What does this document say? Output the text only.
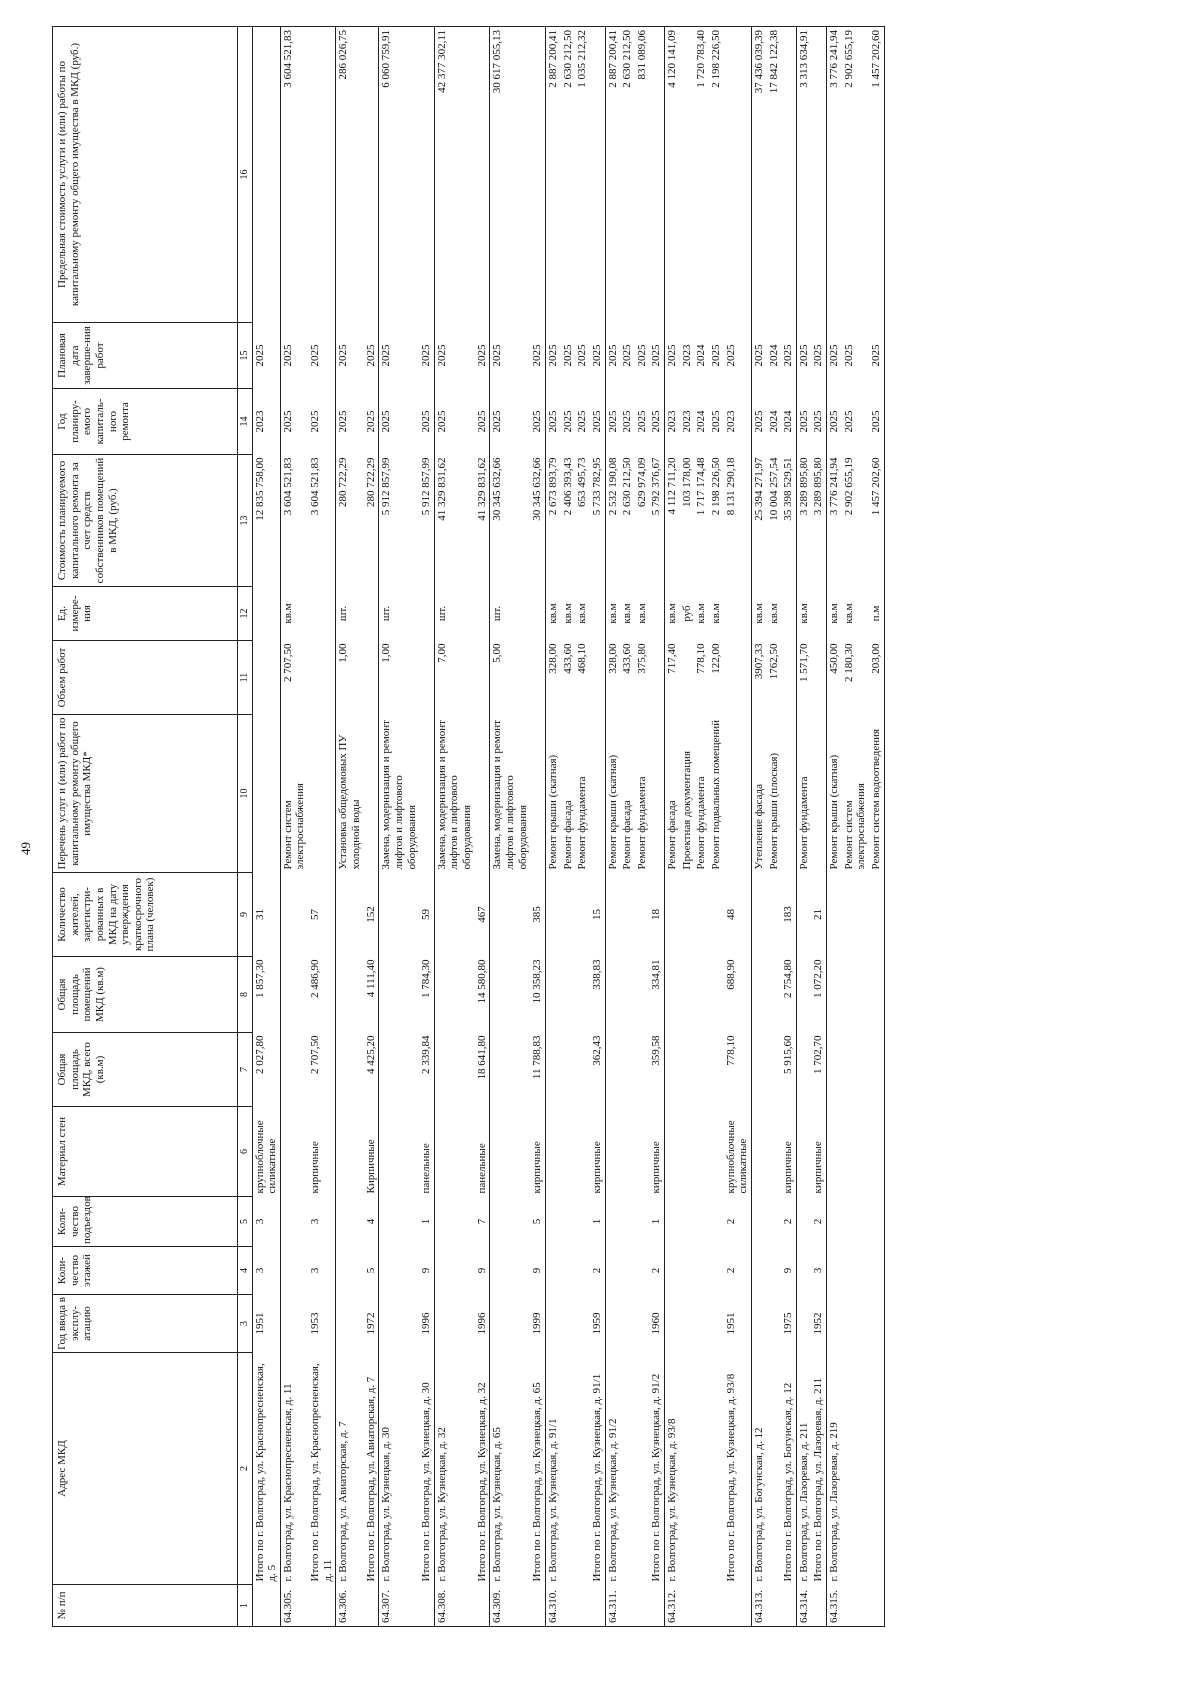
49
№ п/п	Адрес МКД	Год ввода в эксплу-атацию	Коли-чество этажей	Коли-чество подъездов	Материал стен	Общая площадь МКД, всего (кв.м)	Общая площадь помещений МКД (кв.м)	Количество жителей, зарегистри-рованных в МКД на дату утверждения краткосрочного плана (человек)	Перечень услуг и (или) работ по капитальному ремонту общего имущества МКД*	Объем работ	Ед. измере-ния	Стоимость планируемого капитального ремонта за счет средств собственников помещений в МКД, (руб.)	Год планиру-емого капиталь-ного ремонта	Плановая дата заверше-ния работ	Предельная стоимость услуги и (или) работы по капитальному ремонту общего имущества в МКД (руб.)
1	2	3	4	5	6	7	8	9	10	11	12	13	14	15	16
	Итого по г. Волгоград, ул. Краснопресненская, д. 5	1951	3	3	крупноблочные силикатные	2 027,80	1 857,30	31				12 835 758,00	2023	2025	
64.305.	г. Волгоград, ул. Краснопресненская, д. 11								Ремонт систем электроснабжения	2 707,50	кв.м	3 604 521,83	2025	2025	3 604 521,83
	Итого по г. Волгоград, ул. Краснопресненская, д. 11	1953	3	3	кирпичные	2 707,50	2 486,90	57				3 604 521,83	2025	2025	
64.306.	г. Волгоград, ул. Авиаторская, д. 7								Установка общедомовых ПУ холодной воды	1,00	шт.	280 722,29	2025	2025	286 026,75
	Итого по г. Волгоград, ул. Авиаторская, д. 7	1972	5	4	Кирпичные	4 425,20	4 111,40	152				280 722,29	2025	2025	
64.307.	г. Волгоград, ул. Кузнецкая, д. 30								Замена, модернизация и ремонт лифтов и лифтового оборудования	1,00	шт.	5 912 857,99	2025	2025	6 060 759,91
	Итого по г. Волгоград, ул. Кузнецкая, д. 30	1996	9	1	панельные	2 339,84	1 784,30	59				5 912 857,99	2025	2025	
64.308.	г. Волгоград, ул. Кузнецкая, д. 32								Замена, модернизация и ремонт лифтов и лифтового оборудования	7,00	шт.	41 329 831,62	2025	2025	42 377 302,11
	Итого по г. Волгоград, ул. Кузнецкая, д. 32	1996	9	7	панельные	18 641,80	14 580,80	467				41 329 831,62	2025	2025	
64.309.	г. Волгоград, ул. Кузнецкая, д. 65								Замена, модернизация и ремонт лифтов и лифтового оборудования	5,00	шт.	30 345 632,66	2025	2025	30 617 055,13
	Итого по г. Волгоград, ул. Кузнецкая, д. 65	1999	9	5	кирпичные	11 788,83	10 358,23	385				30 345 632,66	2025	2025	
64.310.	г. Волгоград, ул. Кузнецкая, д. 91/1								Ремонт крыши (скатная)	328,00	кв.м	2 673 893,79	2025	2025	2 887 200,41
									Ремонт фасада	433,60	кв.м	2 406 393,43	2025	2025	2 630 212,50
									Ремонт фундамента	468,10	кв.м	653 495,73	2025	2025	1 035 212,32
	Итого по г. Волгоград, ул. Кузнецкая, д. 91/1	1959	2	1	кирпичные	362,43	338,83	15				5 733 782,95	2025	2025	
64.311.	г. Волгоград, ул. Кузнецкая, д. 91/2								Ремонт крыши (скатная)	328,00	кв.м	2 532 190,08	2025	2025	2 887 200,41
									Ремонт фасада	433,60	кв.м	2 630 212,50	2025	2025	2 630 212,50
									Ремонт фундамента	375,80	кв.м	629 974,09	2025	2025	831 089,06
	Итого по г. Волгоград, ул. Кузнецкая, д. 91/2	1960	2	1	кирпичные	359,58	334,81	18				5 792 376,67	2025	2025	
64.312.	г. Волгоград, ул. Кузнецкая, д. 93/8								Ремонт фасада	717,40	кв.м	4 112 711,20	2023	2025	4 120 141,09
									Проектная документация		руб	103 178,00	2023	2023	
									Ремонт фундамента	778,10	кв.м	1 717 174,48	2024	2024	1 720 783,40
									Ремонт подвальных помещений	122,00	кв.м	2 198 226,50	2025	2025	2 198 226,50
	Итого по г. Волгоград, ул. Кузнецкая, д. 93/8	1951	2	2	крупноблочные силикатные	778,10	688,90	48				8 131 290,18	2023	2025	
64.313.	г. Волгоград, ул. Богунская, д. 12								Утепление фасада	3907,33	кв.м	25 394 271,97	2025	2025	37 436 039,39
									Ремонт крыши (плоская)	1762,50	кв.м	10 004 257,54	2024	2024	17 842 122,38
	Итого по г. Волгоград, ул. Богунская, д. 12	1975	9	2	кирпичные	5 915,60	2 754,80	183				35 398 529,51	2024	2025	
64.314.	г. Волгоград, ул. Лазоревая, д. 211								Ремонт фундамента	1 571,70	кв.м	3 289 895,80	2025	2025	3 313 634,91
	Итого по г. Волгоград, ул. Лазоревая, д. 211	1952	3	2	кирпичные	1 702,70	1 072,20	21				3 289 895,80	2025	2025	
64.315.	г. Волгоград, ул. Лазоревая, д. 219								Ремонт крыши (скатная)	450,00	кв.м	3 776 241,94	2025	2025	3 776 241,94
									Ремонт систем электроснабжения	2 180,30	кв.м	2 902 655,19	2025	2025	2 902 655,19
									Ремонт систем водоотведения	203,00	п.м	1 457 202,60	2025	2025	1 457 202,60
